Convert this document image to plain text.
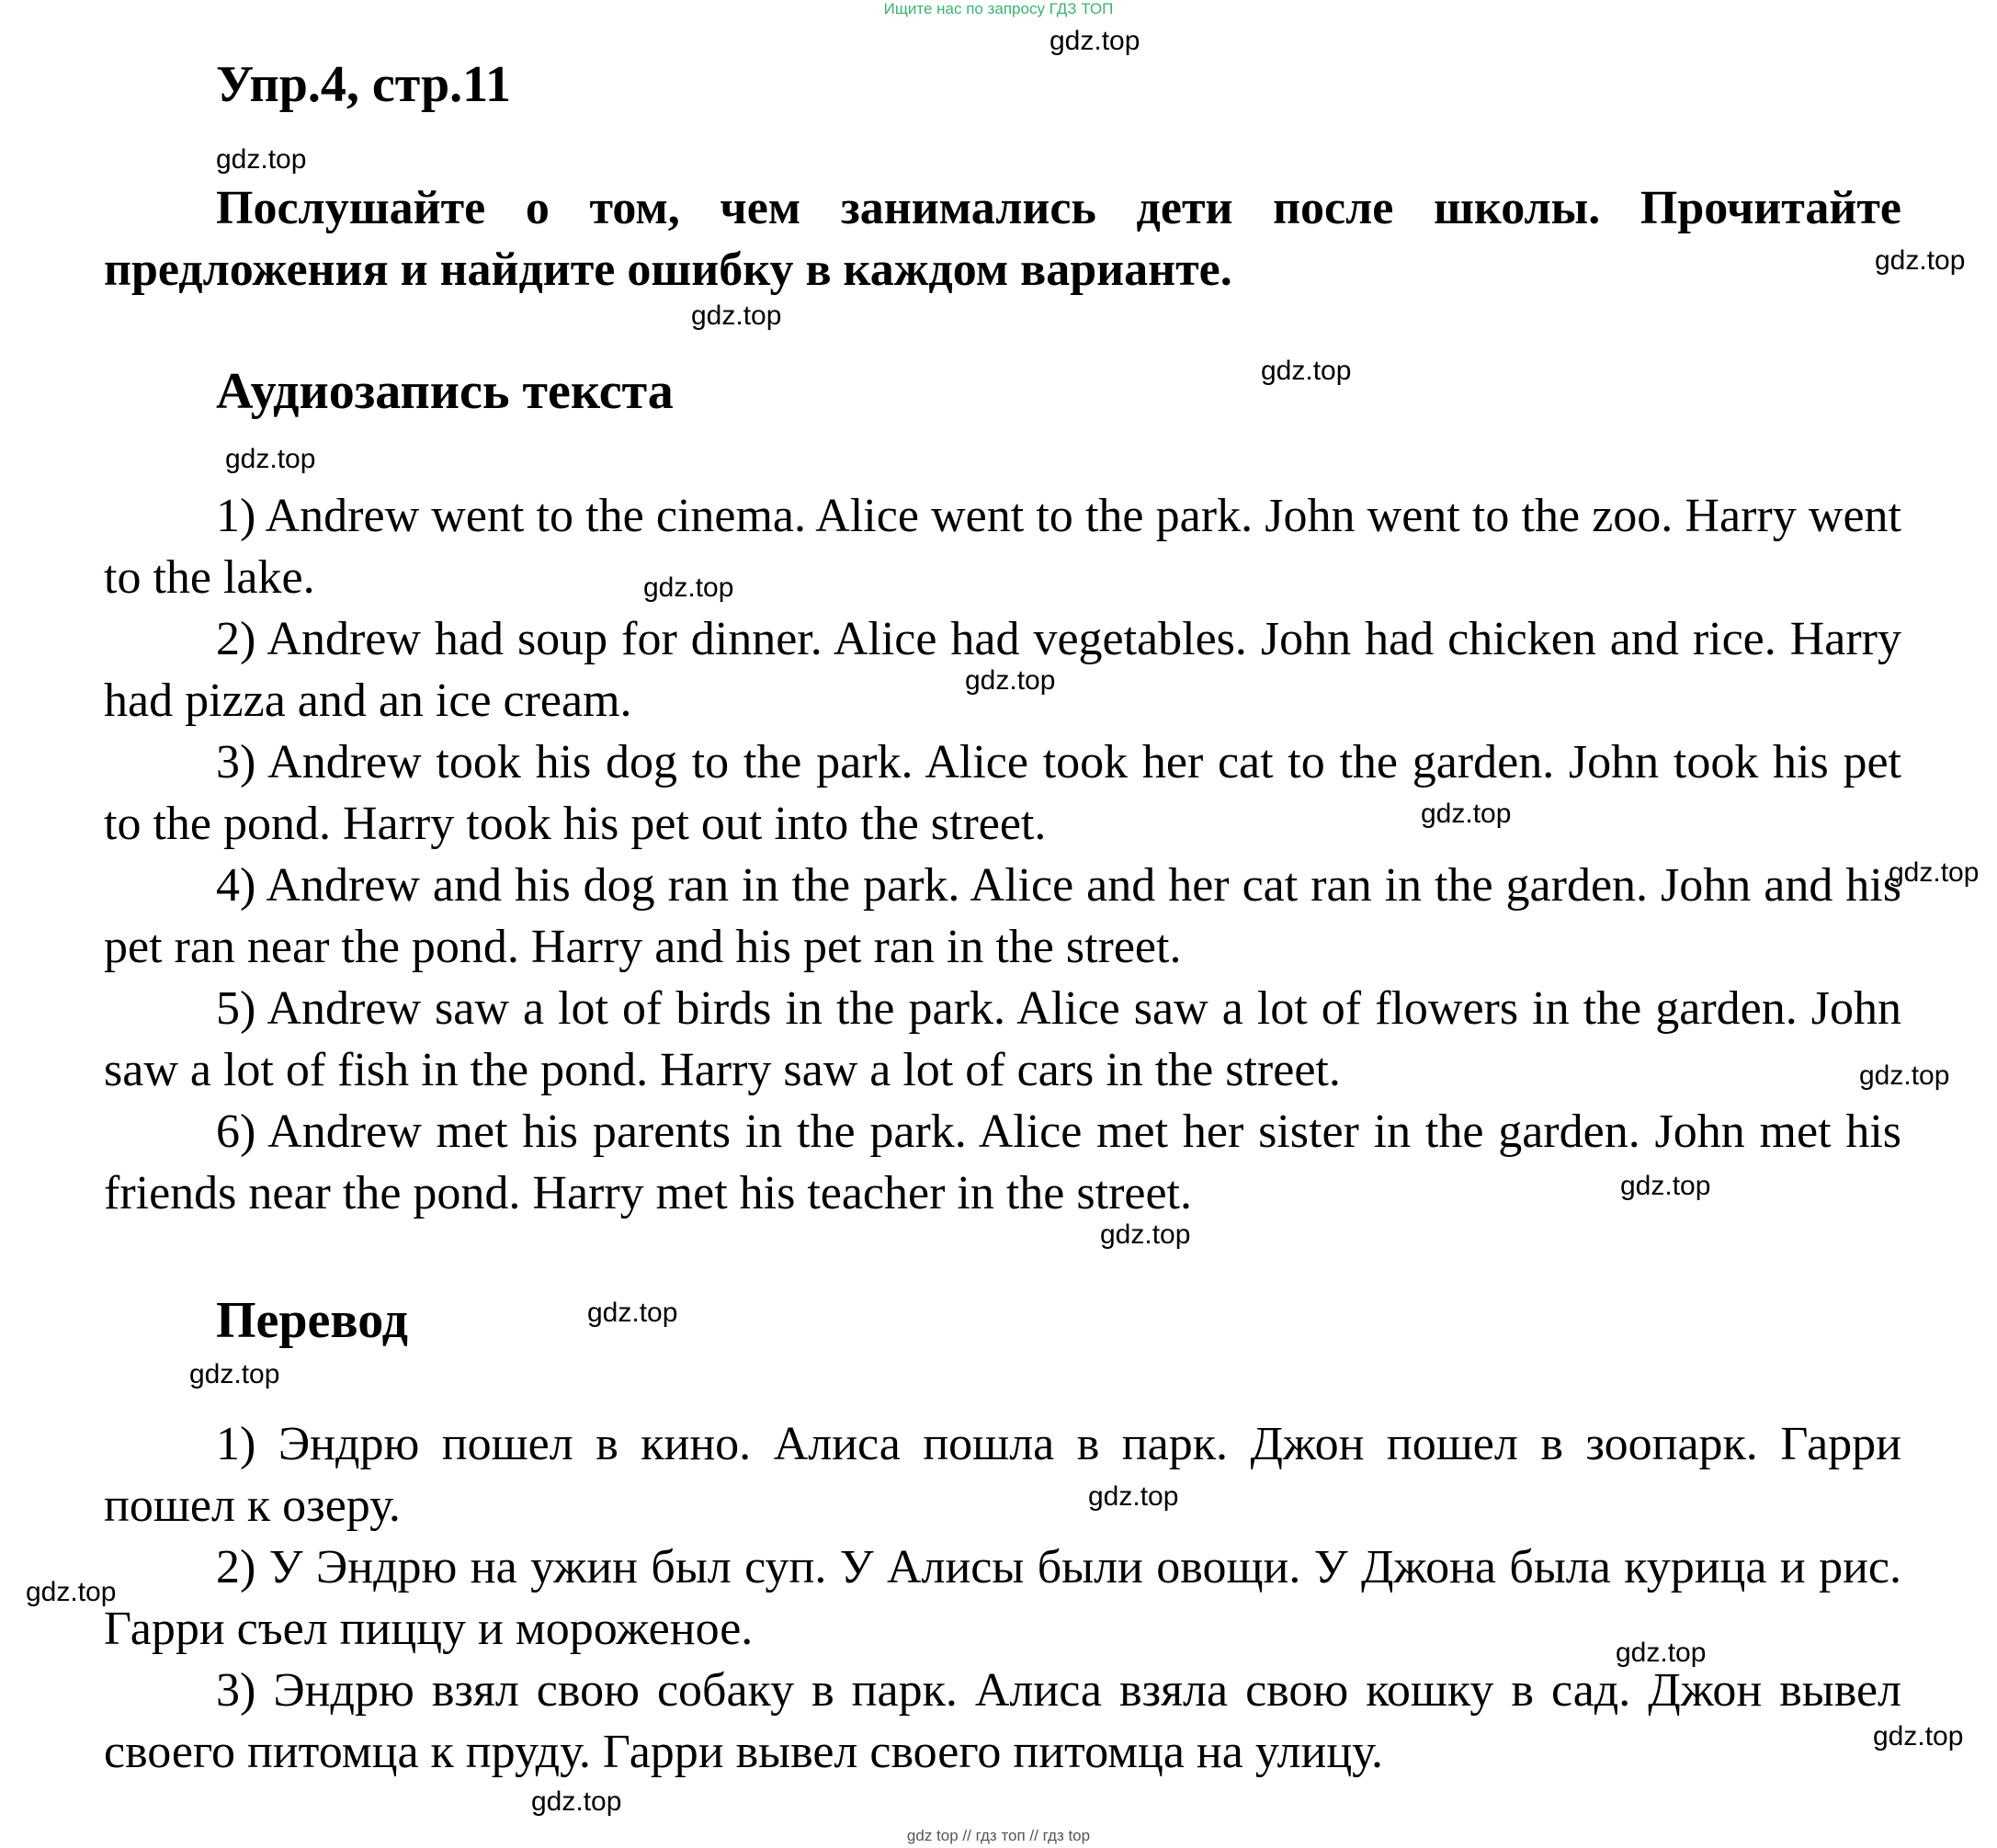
Ищите нас по запросу ГДЗ ТОП
gdz.top
gdz.top
gdz.top
gdz.top
gdz.top
gdz.top
gdz.top
gdz.top
gdz.top
gdz.top
gdz.top
gdz.top
gdz.top
gdz.top
gdz.top
gdz.top
gdz.top
gdz.top
gdz.top
gdz.top
Упр.4, стр.11
Послушайте о том, чем занимались дети после школы. Прочитайте предложения и найдите ошибку в каждом варианте.
Аудиозапись текста

1) Andrew went to the cinema. Alice went to the park. John went to the zoo. Harry went to the lake.

2) Andrew had soup for dinner. Alice had vegetables. John had chicken and rice. Harry had pizza and an ice cream.

3) Andrew took his dog to the park. Alice took her cat to the garden. John took his pet to the pond. Harry took his pet out into the street.

4) Andrew and his dog ran in the park. Alice and her cat ran in the garden. John and his pet ran near the pond. Harry and his pet ran in the street.

5) Andrew saw a lot of birds in the park. Alice saw a lot of flowers in the garden. John saw a lot of fish in the pond. Harry saw a lot of cars in the street.

6) Andrew met his parents in the park. Alice met her sister in the garden. John met his friends near the pond. Harry met his teacher in the street.

Перевод

1) Эндрю пошел в кино. Алиса пошла в парк. Джон пошел в зоопарк. Гарри пошел к озеру.

2) У Эндрю на ужин был суп. У Алисы были овощи. У Джона была курица и рис. Гарри съел пиццу и мороженое.

3) Эндрю взял свою собаку в парк. Алиса взяла свою кошку в сад. Джон вывел своего питомца к пруду. Гарри вывел своего питомца на улицу.

gdz top // гдз топ // гдз top
